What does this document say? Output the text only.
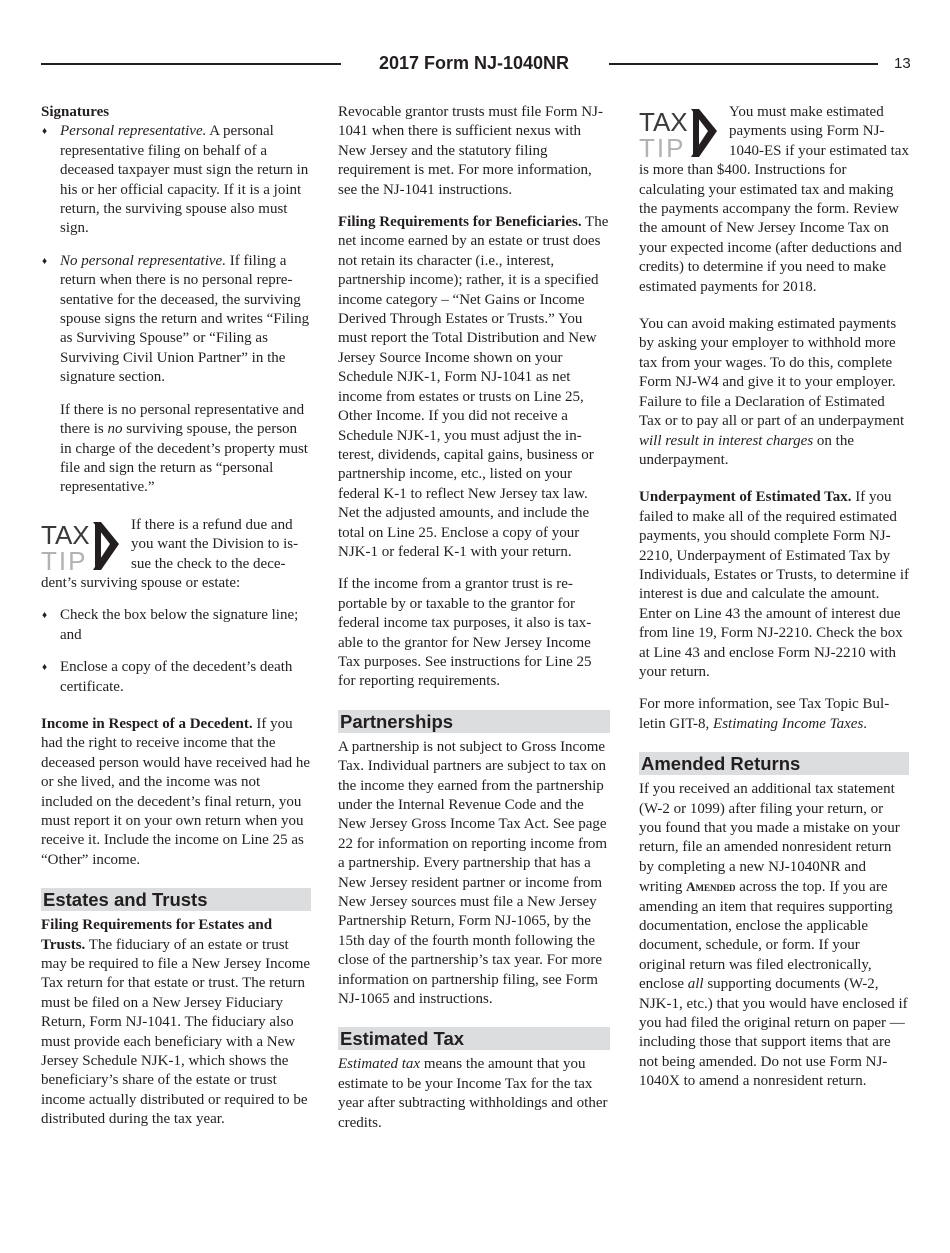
2017 Form NJ-1040NR	13

Signatures

♦ Personal representative. A personal representative filing on behalf of a deceased taxpayer must sign the return in his or her official capacity. If it is a joint return, the surviving spouse also must sign.
♦ No personal representative. If filing a return when there is no personal representative for the deceased, the surviving spouse signs the return and writes “Filing as Surviving Spouse” or “Filing as Surviving Civil Union Partner” in the signature section.

If there is no personal representative and there is no surviving spouse, the person in charge of the decedent’s property must file and sign the return as “personal representative.”

TAX
TIP
If there is a refund due and you want the Division to issue the check to the decedent’s surviving spouse or estate:

♦ Check the box below the signature line; and
♦ Enclose a copy of the decedent’s death certificate.

Income in Respect of a Decedent. If you had the right to receive income that the deceased person would have received had he or she lived, and the income was not included on the decedent’s final return, you must report it on your own return when you receive it. Include the income on Line 25 as “Other” income.

Estates and Trusts

Filing Requirements for Estates and Trusts. The fiduciary of an estate or trust may be required to file a New Jersey Income Tax return for that estate or trust. The return must be filed on a New Jersey Fiduciary Return, Form NJ-1041. The fiduciary also must provide each beneficiary with a New Jersey Schedule NJK-1, which shows the beneficiary’s share of the estate or trust income actually distributed or required to be distributed during the tax year.

Revocable grantor trusts must file Form NJ-1041 when there is sufficient nexus with New Jersey and the statutory filing requirement is met. For more information, see the NJ-1041 instructions.

Filing Requirements for Beneficiaries. The net income earned by an estate or trust does not retain its character (i.e., interest, partnership income); rather, it is a specified income category – “Net Gains or Income Derived Through Estates or Trusts.” You must report the Total Distribution and New Jersey Source Income shown on your Schedule NJK-1, Form NJ-1041 as net income from estates or trusts on Line 25, Other Income. If you did not receive a Schedule NJK-1, you must adjust the interest, dividends, capital gains, business or partnership income, etc., listed on your federal K-1 to reflect New Jersey tax law. Net the adjusted amounts, and include the total on Line 25. Enclose a copy of your NJK-1 or federal K-1 with your return.

If the income from a grantor trust is reportable by or taxable to the grantor for federal income tax purposes, it also is taxable to the grantor for New Jersey Income Tax purposes. See instructions for Line 25 for reporting requirements.

Partnerships

A partnership is not subject to Gross Income Tax. Individual partners are subject to tax on the income they earned from the partnership under the Internal Revenue Code and the New Jersey Gross Income Tax Act. See page 22 for information on reporting income from a partnership. Every partnership that has a New Jersey resident partner or income from New Jersey sources must file a New Jersey Partnership Return, Form NJ-1065, by the 15th day of the fourth month following the close of the partnership’s tax year. For more information on partnership filing, see Form NJ-1065 and instructions.

Estimated Tax

Estimated tax means the amount that you estimate to be your Income Tax for the tax year after subtracting withholdings and other credits.

TAX
TIP
You must make estimated payments using Form NJ-1040-ES if your estimated tax is more than $400. Instructions for calculating your estimated tax and making the payments accompany the form. Review the amount of New Jersey Income Tax on your expected income (after deductions and credits) to determine if you need to make estimated payments for 2018.

You can avoid making estimated payments by asking your employer to withhold more tax from your wages. To do this, complete Form NJ-W4 and give it to your employer. Failure to file a Declaration of Estimated Tax or to pay all or part of an underpayment will result in interest charges on the underpayment.

Underpayment of Estimated Tax. If you failed to make all of the required estimated payments, you should complete Form NJ-2210, Underpayment of Estimated Tax by Individuals, Estates or Trusts, to determine if interest is due and calculate the amount. Enter on Line 43 the amount of interest due from line 19, Form NJ-2210. Check the box at Line 43 and enclose Form NJ-2210 with your return.

For more information, see Tax Topic Bulletin GIT-8, Estimating Income Taxes.

Amended Returns

If you received an additional tax statement (W-2 or 1099) after filing your return, or you found that you made a mistake on your return, file an amended nonresident return by completing a new NJ-1040NR and writing Amended across the top. If you are amending an item that requires supporting documentation, enclose the applicable document, schedule, or form. If your original return was filed electronically, enclose all supporting documents (W-2, NJK-1, etc.) that you would have enclosed if you had filed the original return on paper — including those that support items that are not being amended. Do not use Form NJ-1040X to amend a nonresident return.
